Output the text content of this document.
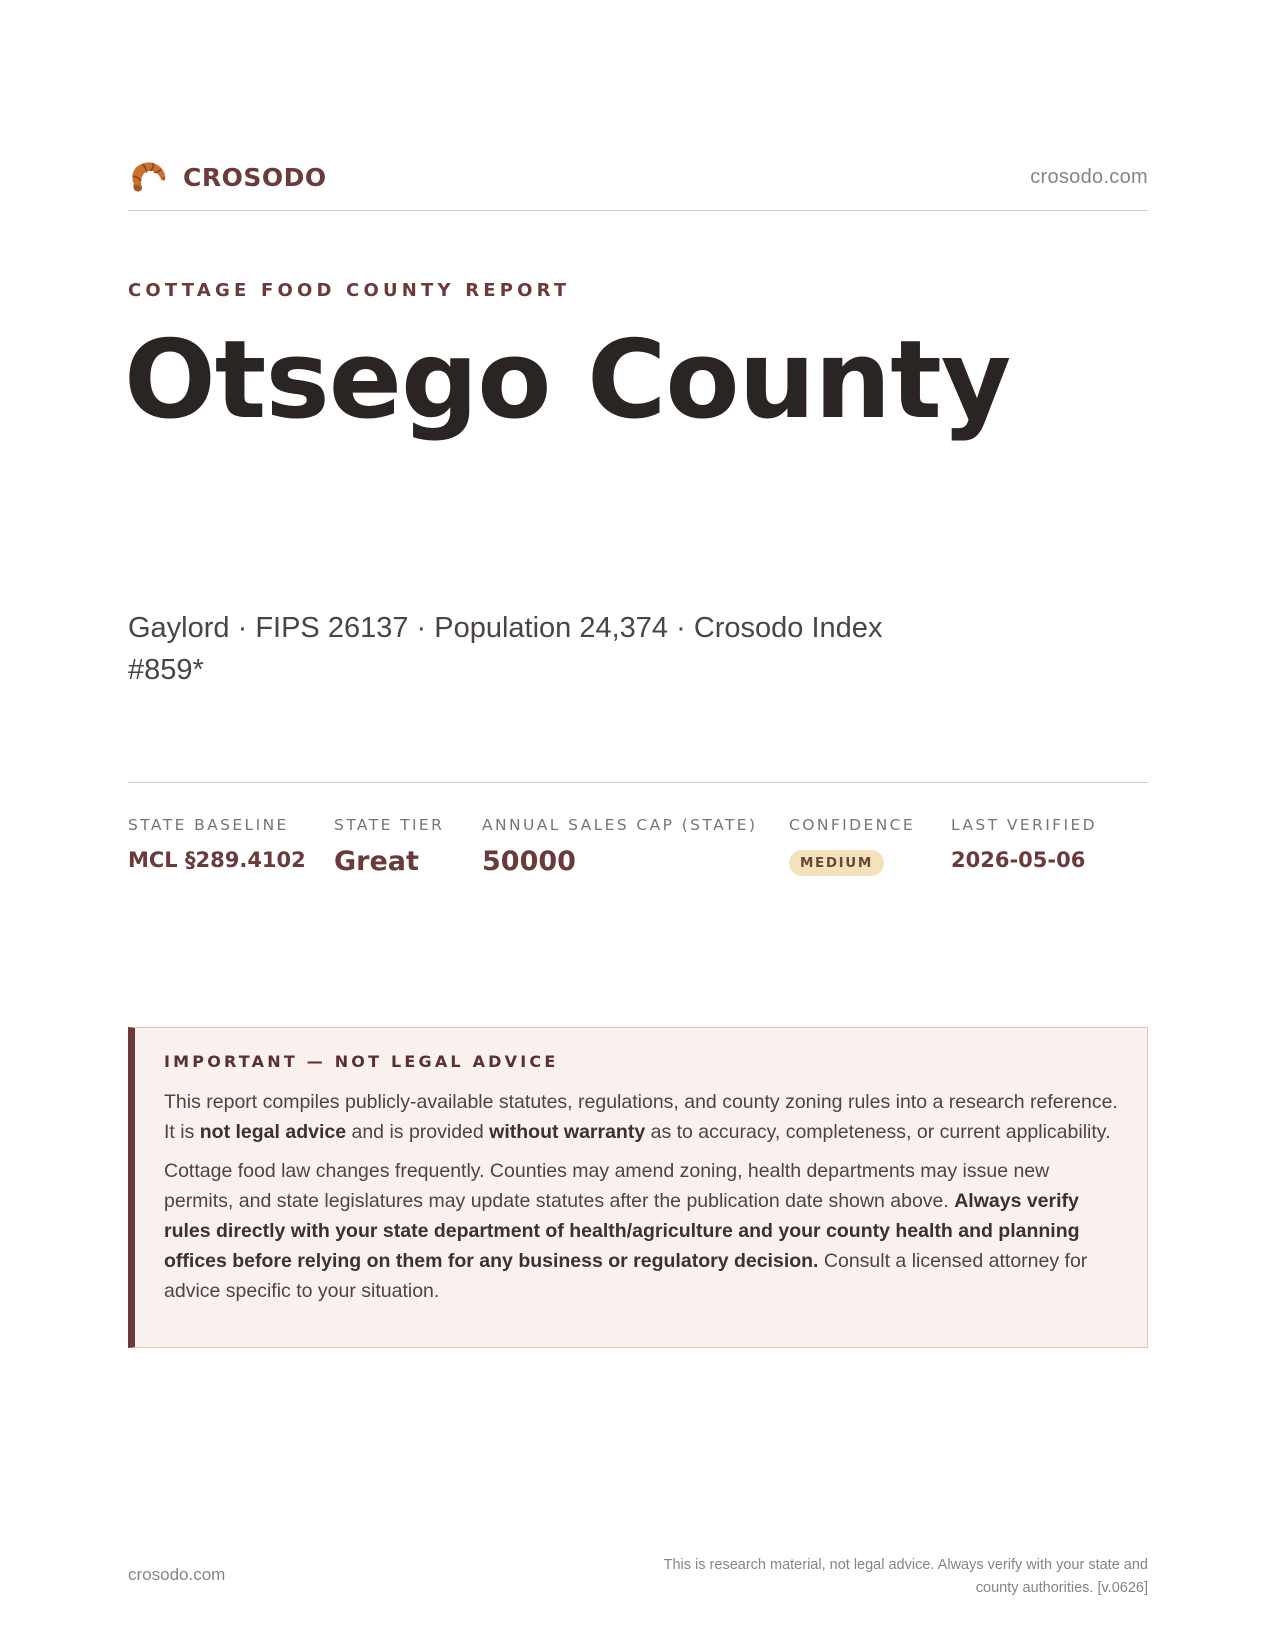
CROSODO	crosodo.com
COTTAGE FOOD COUNTY REPORT
Otsego County
Gaylord · FIPS 26137 · Population 24,374 · Crosodo Index #859*
STATE BASELINE
MCL §289.4102
STATE TIER
Great
ANNUAL SALES CAP (STATE)
50000
CONFIDENCE
MEDIUM
LAST VERIFIED
2026-05-06
IMPORTANT — NOT LEGAL ADVICE

This report compiles publicly-available statutes, regulations, and county zoning rules into a research reference. It is not legal advice and is provided without warranty as to accuracy, completeness, or current applicability.

Cottage food law changes frequently. Counties may amend zoning, health departments may issue new permits, and state legislatures may update statutes after the publication date shown above. Always verify rules directly with your state department of health/agriculture and your county health and planning offices before relying on them for any business or regulatory decision. Consult a licensed attorney for advice specific to your situation.

crosodo.com	This is research material, not legal advice. Always verify with your state and county authorities. [v.0626]
